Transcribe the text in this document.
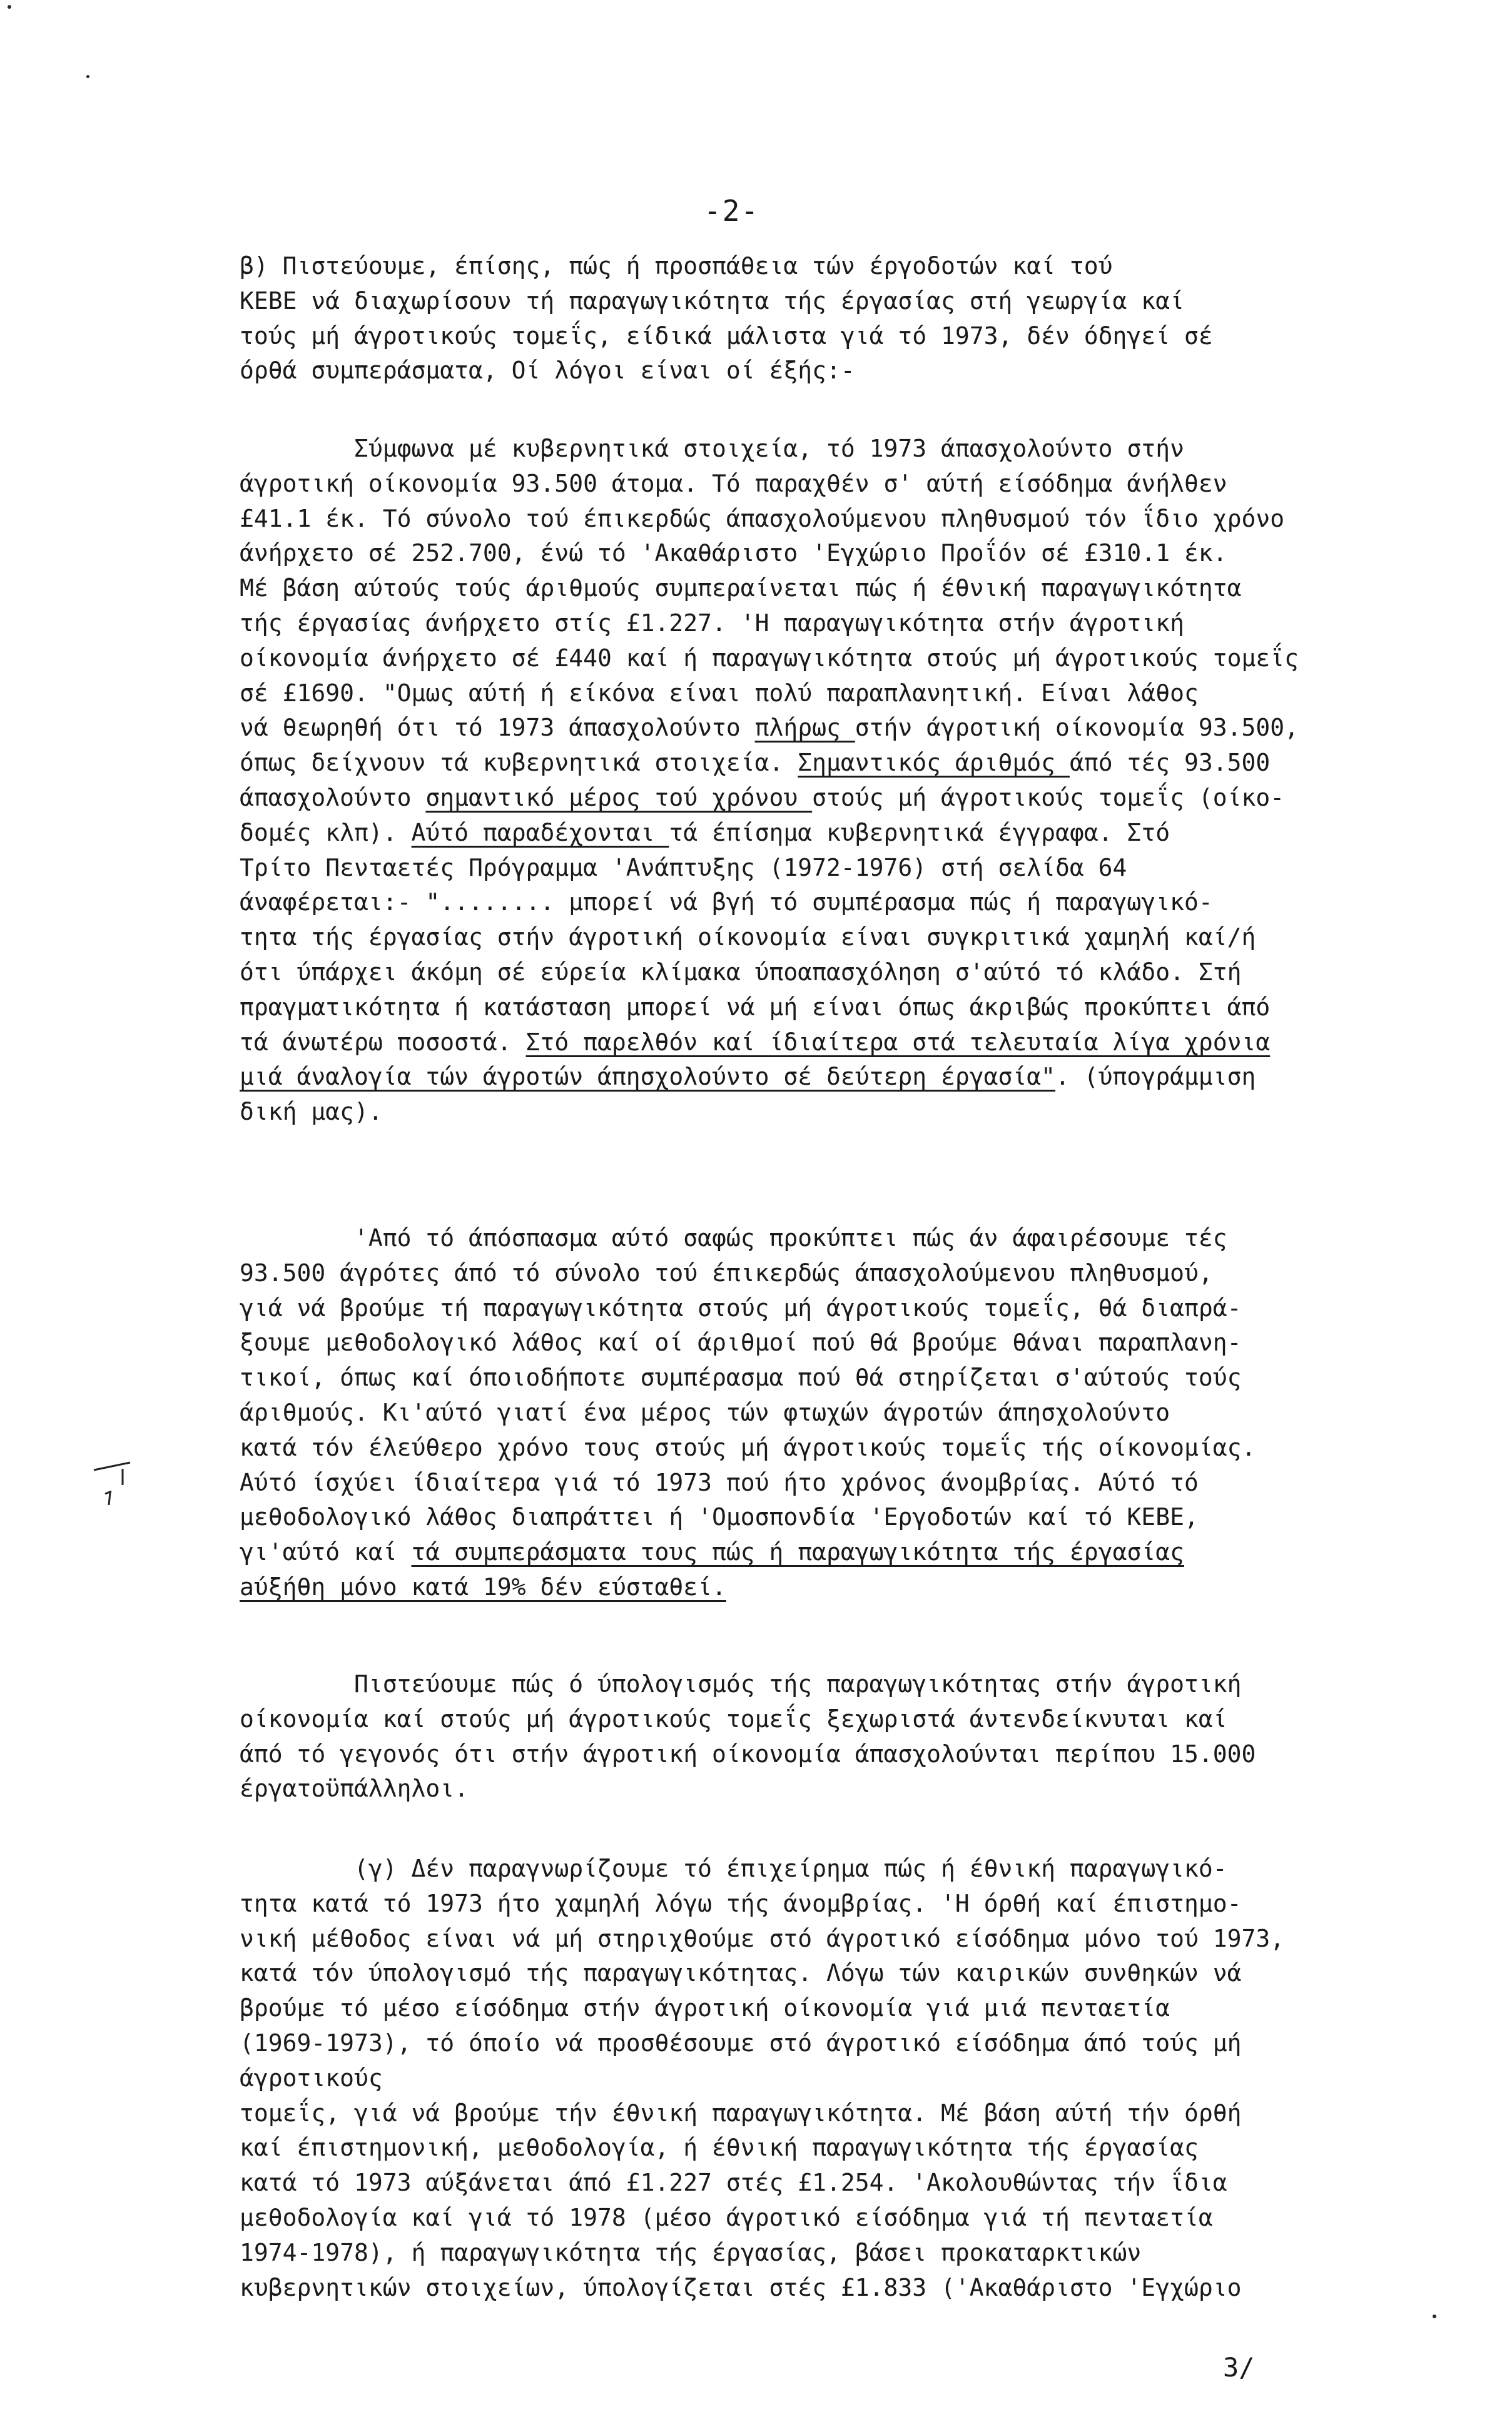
-2-

β) Πιστεύουμε, έπίσης, πώς ή προσπάθεια τών έργοδοτών καί τού
ΚΕΒΕ νά διαχωρίσουν τή παραγωγικότητα τής έργασίας στή γεωργία καί
τούς μή άγροτικούς τομεΐς, είδικά μάλιστα γιά τό 1973, δέν όδηγεί σέ
όρθά συμπεράσματα, Οί λόγοι είναι οί έξής:-

Σύμφωνα μέ κυβερνητικά στοιχεία, τό 1973 άπασχολούντο στήν
άγροτική οίκονομία 93.500 άτομα. Τό παραχθέν σ' αύτή είσόδημα άνήλθεν
£41.1 έκ. Τό σύνολο τού έπικερδώς άπασχολούμενου πληθυσμού τόν ΐδιο χρόνο
άνήρχετο σέ 252.700, ένώ τό 'Ακαθάριστο 'Εγχώριο Προΐόν σέ £310.1 έκ.
Μέ βάση αύτούς τούς άριθμούς συμπεραίνεται πώς ή έθνική παραγωγικότητα
τής έργασίας άνήρχετο στίς £1.227. 'Η παραγωγικότητα στήν άγροτική
οίκονομία άνήρχετο σέ £440 καί ή παραγωγικότητα στούς μή άγροτικούς τομεΐς
σέ £1690. "Ομως αύτή ή είκόνα είναι πολύ παραπλανητική. Είναι λάθος
νά θεωρηθή ότι τό 1973 άπασχολούντο πλήρως στήν άγροτική οίκονομία 93.500,
όπως δείχνουν τά κυβερνητικά στοιχεία. Σημαντικός άριθμός άπό τές 93.500
άπασχολούντο σημαντικό μέρος τού χρόνου στούς μή άγροτικούς τομεΐς (οίκο-
δομές κλπ). Αύτό παραδέχονται τά έπίσημα κυβερνητικά έγγραφα. Στό
Τρίτο Πενταετές Πρόγραμμα 'Ανάπτυξης (1972-1976) στή σελίδα 64
άναφέρεται:- "........ μπορεί νά βγή τό συμπέρασμα πώς ή παραγωγικό-
τητα τής έργασίας στήν άγροτική οίκονομία είναι συγκριτικά χαμηλή καί/ή
ότι ύπάρχει άκόμη σέ εύρεία κλίμακα ύποαπασχόληση σ'αύτό τό κλάδο. Στή
πραγματικότητα ή κατάσταση μπορεί νά μή είναι όπως άκριβώς προκύπτει άπό
τά άνωτέρω ποσοστά. Στό παρελθόν καί ίδιαίτερα στά τελευταία λίγα χρόνια
μιά άναλογία τών άγροτών άπησχολούντο σέ δεύτερη έργασία". (ύπογράμμιση
δική μας).

'Από τό άπόσπασμα αύτό σαφώς προκύπτει πώς άν άφαιρέσουμε τές
93.500 άγρότες άπό τό σύνολο τού έπικερδώς άπασχολούμενου πληθυσμού,
γιά νά βρούμε τή παραγωγικότητα στούς μή άγροτικούς τομεΐς, θά διαπρά-
ξουμε μεθοδολογικό λάθος καί οί άριθμοί πού θά βρούμε θάναι παραπλανη-
τικοί, όπως καί όποιοδήποτε συμπέρασμα πού θά στηρίζεται σ'αύτούς τούς
άριθμούς. Κι'αύτό γιατί ένα μέρος τών φτωχών άγροτών άπησχολούντο
κατά τόν έλεύθερο χρόνο τους στούς μή άγροτικούς τομεΐς τής οίκονομίας.
Αύτό ίσχύει ίδιαίτερα γιά τό 1973 πού ήτο χρόνος άνομβρίας. Αύτό τό
μεθοδολογικό λάθος διαπράττει ή 'Ομοσπονδία 'Εργοδοτών καί τό ΚΕΒΕ,
γι'αύτό καί τά συμπεράσματα τους πώς ή παραγωγικότητα τής έργασίας
aύξήθη μόνο κατά 19% δέν εύσταθεί.

Πιστεύουμε πώς ό ύπολογισμός τής παραγωγικότητας στήν άγροτική
οίκονομία καί στούς μή άγροτικούς τομεΐς ξεχωριστά άντενδείκνυται καί
άπό τό γεγονός ότι στήν άγροτική οίκονομία άπασχολούνται περίπου 15.000
έργατοϋπάλληλοι.

(γ) Δέν παραγνωρίζουμε τό έπιχείρημα πώς ή έθνική παραγωγικό-
τητα κατά τό 1973 ήτο χαμηλή λόγω τής άνομβρίας. 'Η όρθή καί έπιστημο-
νική μέθοδος είναι νά μή στηριχθούμε στό άγροτικό είσόδημα μόνο τού 1973,
κατά τόν ύπολογισμό τής παραγωγικότητας. Λόγω τών καιρικών συνθηκών νά
βρούμε τό μέσο είσόδημα στήν άγροτική οίκονομία γιά μιά πενταετία
(1969-1973), τό όποίο νά προσθέσουμε στό άγροτικό είσόδημα άπό τούς μή άγροτικούς
τομεΐς, γιά νά βρούμε τήν έθνική παραγωγικότητα. Μέ βάση αύτή τήν όρθή
καί έπιστημονική, μεθοδολογία, ή έθνική παραγωγικότητα τής έργασίας
κατά τό 1973 αύξάνεται άπό £1.227 στές £1.254. 'Ακολουθώντας τήν ΐδια
μεθοδολογία καί γιά τό 1978 (μέσο άγροτικό είσόδημα γιά τή πενταετία
1974-1978), ή παραγωγικότητα τής έργασίας, βάσει προκαταρκτικών
κυβερνητικών στοιχείων, ύπολογίζεται στές £1.833 ('Ακαθάριστο 'Εγχώριο

3/
